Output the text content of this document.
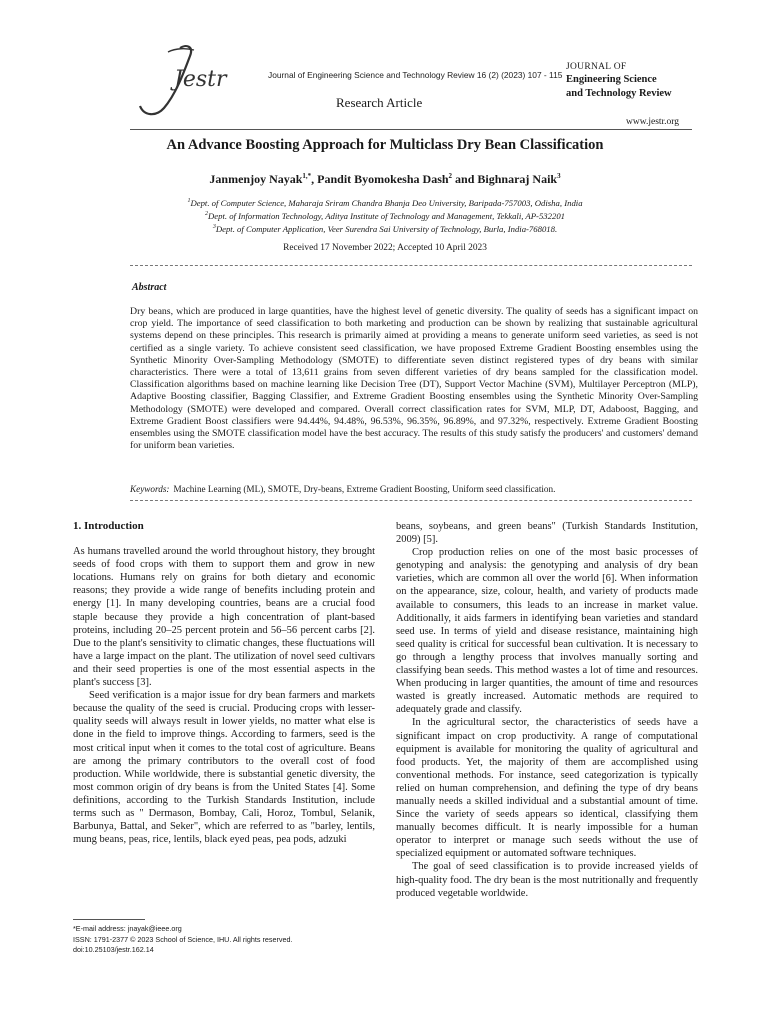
Jestr	Journal of Engineering Science and Technology Review 16 (2) (2023) 107 - 115
Research Article
JOURNAL OF
Engineering Science
and Technology Review
www.jestr.org
An Advance Boosting Approach for Multiclass Dry Bean Classification
Janmenjoy Nayak$^{1,*}$, Pandit Byomokesha Dash$^2$ and Bighnaraj Naik$^3$
$^1$Dept. of Computer Science, Maharaja Sriram Chandra Bhanja Deo University, Baripada-757003, Odisha, India
$^2$Dept. of Information Technology, Aditya Institute of Technology and Management, Tekkali, AP-532201
$^3$Dept. of Computer Application, Veer Surendra Sai University of Technology, Burla, India-768018.
Received 17 November 2022; Accepted 10 April 2023
Abstract
Dry beans, which are produced in large quantities, have the highest level of genetic diversity. The quality of seeds has a significant impact on crop yield. The importance of seed classification to both marketing and production can be shown by realizing that sustainable agricultural systems depend on these principles. This research is primarily aimed at providing a means to generate uniform seed varieties, as seed is not certified as a single variety. To achieve consistent seed classification, we have proposed Extreme Gradient Boosting ensembles using the Synthetic Minority Over-Sampling Methodology (SMOTE) to differentiate seven distinct registered types of dry beans with similar characteristics. There were a total of 13,611 grains from seven different varieties of dry beans sampled for the classification model. Classification algorithms based on machine learning like Decision Tree (DT), Support Vector Machine (SVM), Multilayer Perceptron (MLP), Adaptive Boosting classifier, Bagging Classifier, and Extreme Gradient Boosting ensembles using the Synthetic Minority Over-Sampling Methodology (SMOTE) were developed and compared. Overall correct classification rates for SVM, MLP, DT, Adaboost, Bagging, and Extreme Gradient Boost classifiers were 94.44%, 94.48%, 96.53%, 96.35%, 96.89%, and 97.32%, respectively. Extreme Gradient Boosting ensembles using the SMOTE classification model have the best accuracy. The results of this study satisfy the producers' and customers' demand for uniform bean varieties.
Keywords: Machine Learning (ML), SMOTE, Dry-beans, Extreme Gradient Boosting, Uniform seed classification.
1. Introduction

As humans travelled around the world throughout history, they brought seeds of food crops with them to support them and grow in new locations. Humans rely on grains for both dietary and economic reasons; they provide a wide range of benefits including protein and energy [1]. In many developing countries, beans are a crucial food staple because they provide a high concentration of plant-based proteins, including 20–25 percent protein and 56–56 percent carbs [2]. Due to the plant's sensitivity to climatic changes, these fluctuations will have a large impact on the plant. The utilization of novel seed cultivars and their seed properties is one of the most essential aspects in the plant's success [3].

Seed verification is a major issue for dry bean farmers and markets because the quality of the seed is crucial. Producing crops with lesser-quality seeds will always result in lower yields, no matter what else is done in the field to improve things. According to farmers, seed is the most critical input when it comes to the total cost of agriculture. Beans are among the primary contributors to the overall cost of food production. While worldwide, there is substantial genetic diversity, the most common origin of dry beans is from the United States [4]. Some definitions, according to the Turkish Standards Institution, include terms such as " Dermason, Bombay, Cali, Horoz, Tombul, Selanik, Barbunya, Battal, and Seker", which are referred to as "barley, lentils, mung beans, peas, rice, lentils, black eyed peas, pea pods, adzuki

beans, soybeans, and green beans" (Turkish Standards Institution, 2009) [5].

Crop production relies on one of the most basic processes of genotyping and analysis: the genotyping and analysis of dry bean varieties, which are common all over the world [6]. When information on the appearance, size, colour, health, and variety of products made available to consumers, this leads to an increase in market value. Additionally, it aids farmers in identifying bean varieties and standard seed use. In terms of yield and disease resistance, maintaining high seed quality is critical for successful bean cultivation. It is necessary to go through a lengthy process that involves manually sorting and classifying bean seeds. This method wastes a lot of time and resources. When producing in larger quantities, the amount of time and resources wasted is greatly increased. Automatic methods are required to adequately grade and classify.

In the agricultural sector, the characteristics of seeds have a significant impact on crop productivity. A range of computational equipment is available for monitoring the quality of agricultural and food products. Yet, the majority of them are accomplished using conventional methods. For instance, seed categorization is typically relied on human comprehension, and defining the type of dry beans manually needs a skilled individual and a substantial amount of time. Since the variety of seeds appears so identical, classifying them manually becomes difficult. It is nearly impossible for a human operator to interpret or manage such seeds without the use of specialized equipment or automated software techniques.

The goal of seed classification is to provide increased yields of high-quality food. The dry bean is the most nutritionally and frequently produced vegetable worldwide.

*E-mail address: jnayak@ieee.org
ISSN: 1791-2377 © 2023 School of Science, IHU. All rights reserved.
doi:10.25103/jestr.162.14
